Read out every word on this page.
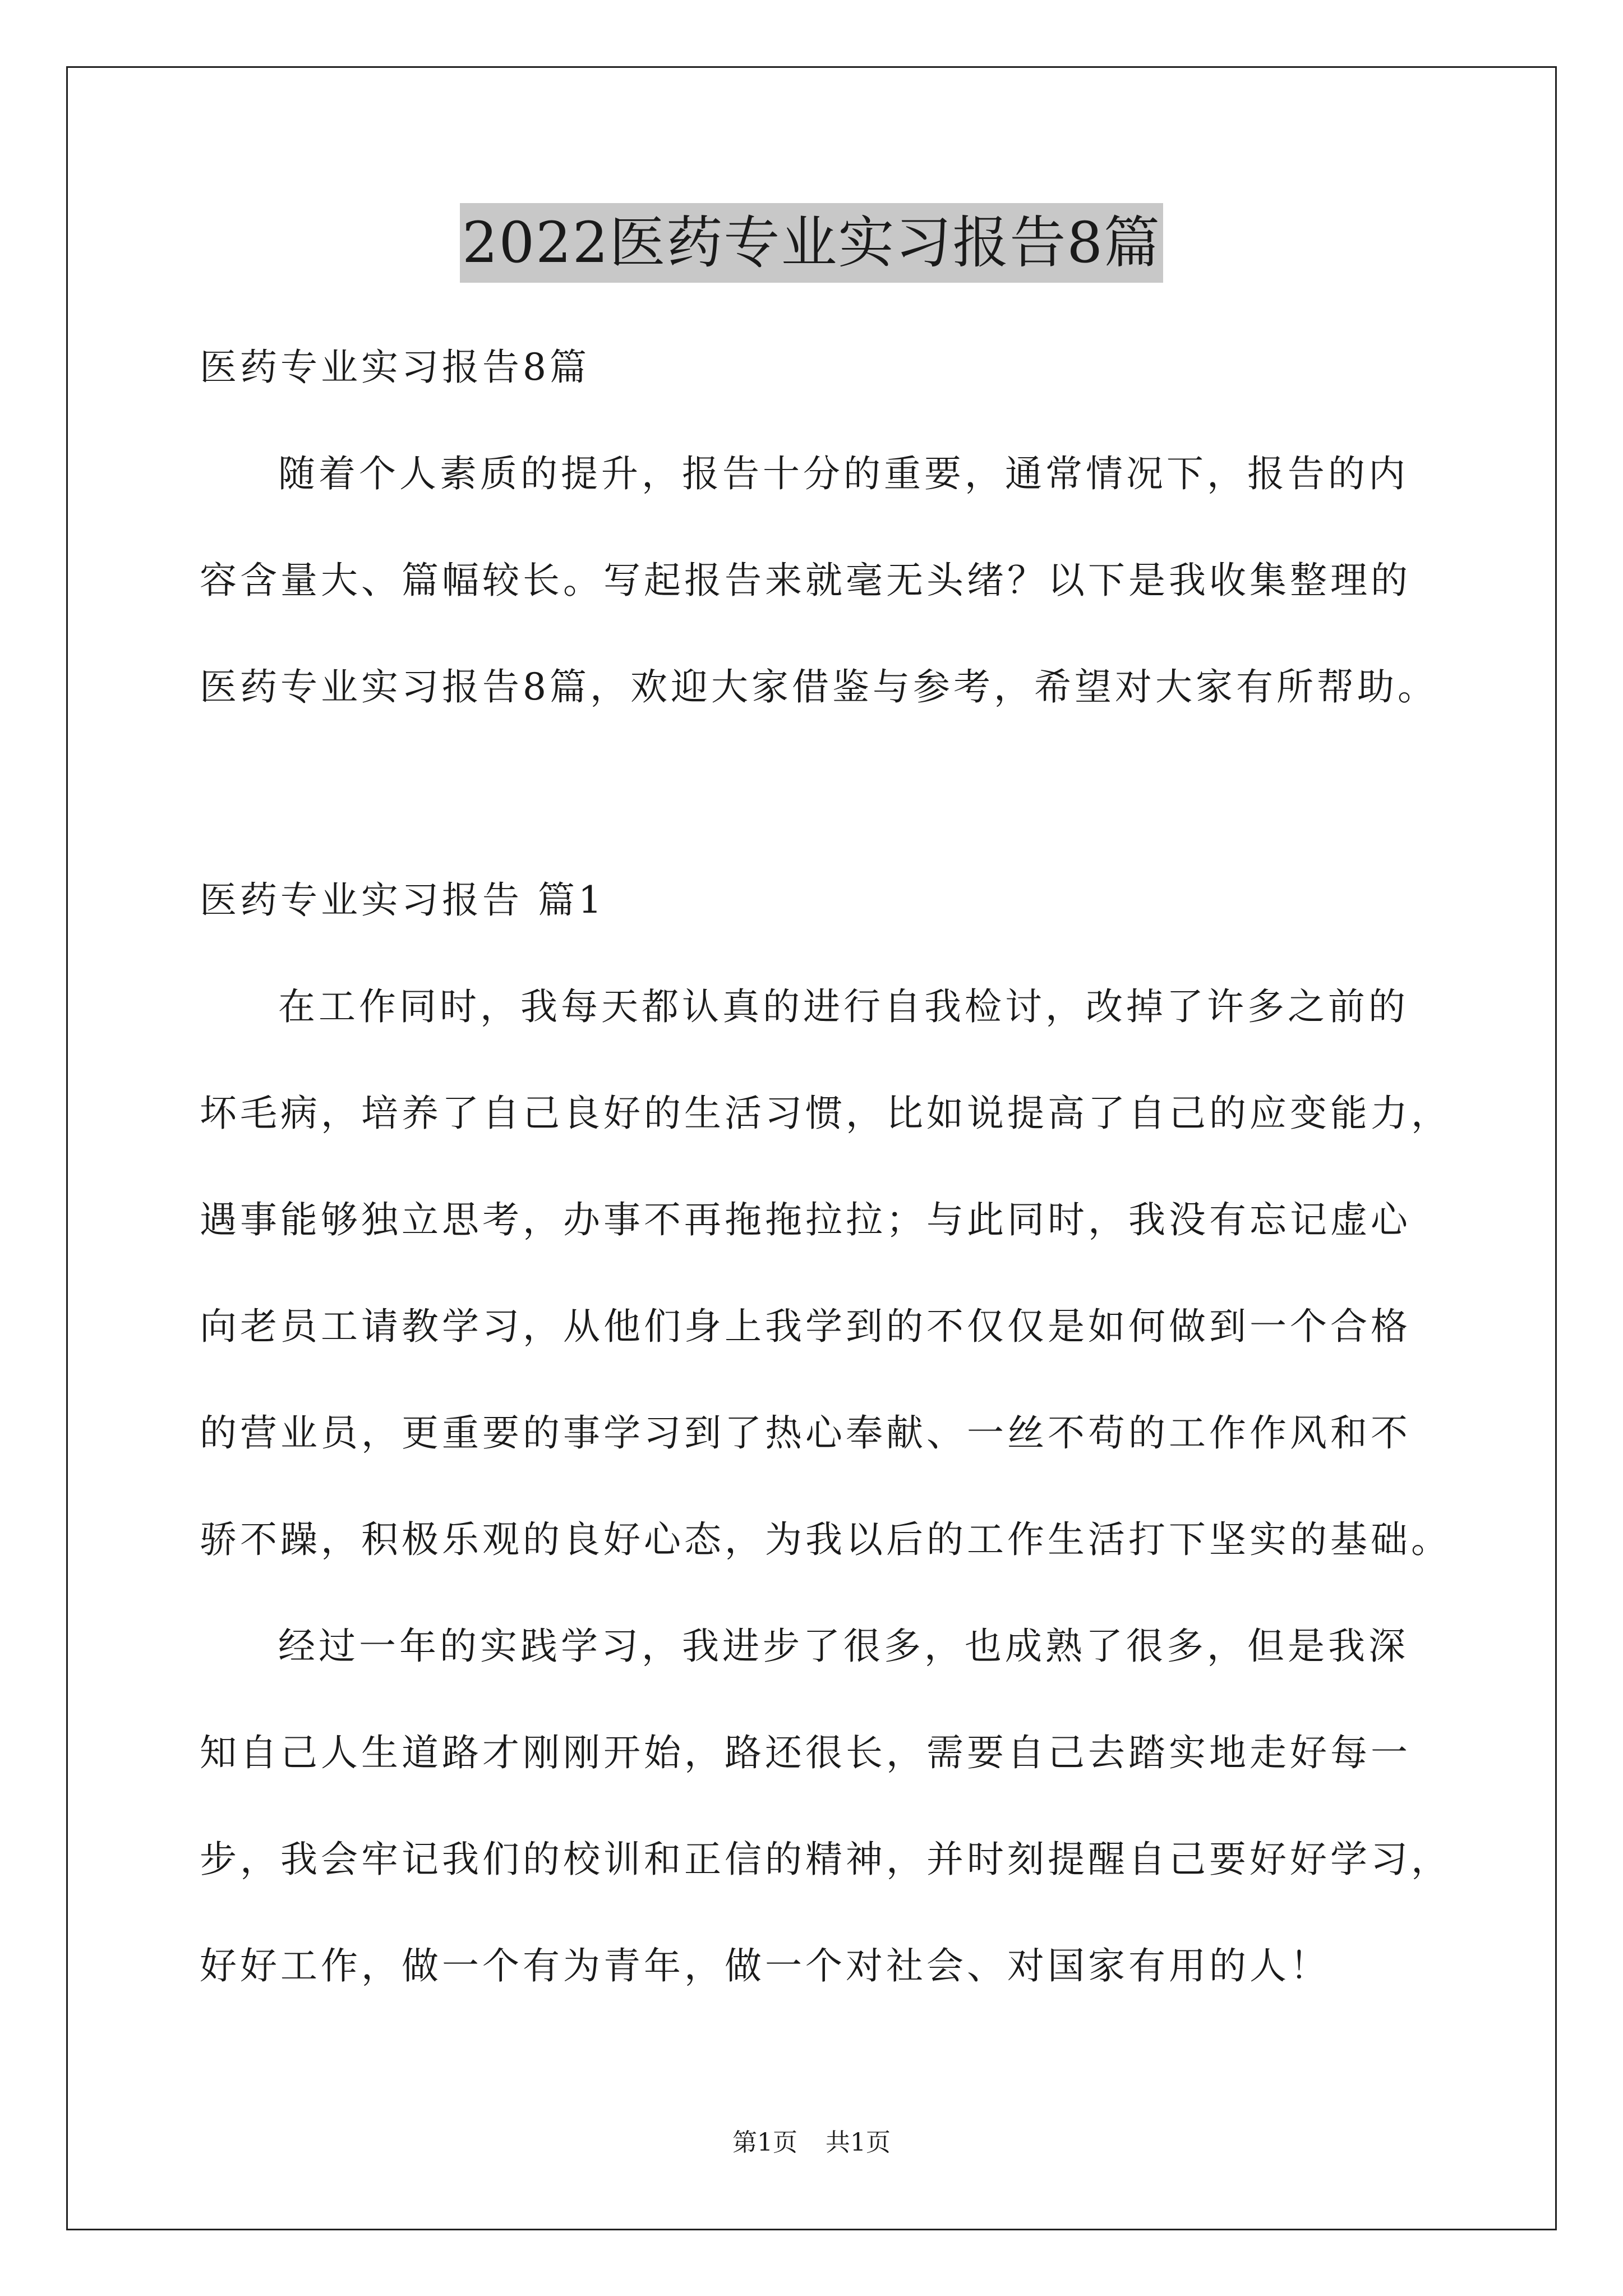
2022医药专业实习报告8篇
医药专业实习报告8篇
随着个人素质的提升，报告十分的重要，通常情况下，报告的内
容含量大、篇幅较长。写起报告来就毫无头绪？以下是我收集整理的
医药专业实习报告8篇，欢迎大家借鉴与参考，希望对大家有所帮助。
医药专业实习报告 篇1
在工作同时，我每天都认真的进行自我检讨，改掉了许多之前的
坏毛病，培养了自己良好的生活习惯，比如说提高了自己的应变能力，
遇事能够独立思考，办事不再拖拖拉拉；与此同时，我没有忘记虚心
向老员工请教学习，从他们身上我学到的不仅仅是如何做到一个合格
的营业员，更重要的事学习到了热心奉献、一丝不苟的工作作风和不
骄不躁，积极乐观的良好心态，为我以后的工作生活打下坚实的基础。
经过一年的实践学习，我进步了很多，也成熟了很多，但是我深
知自己人生道路才刚刚开始，路还很长，需要自己去踏实地走好每一
步，我会牢记我们的校训和正信的精神，并时刻提醒自己要好好学习，
好好工作，做一个有为青年，做一个对社会、对国家有用的人！
第1页 共1页
